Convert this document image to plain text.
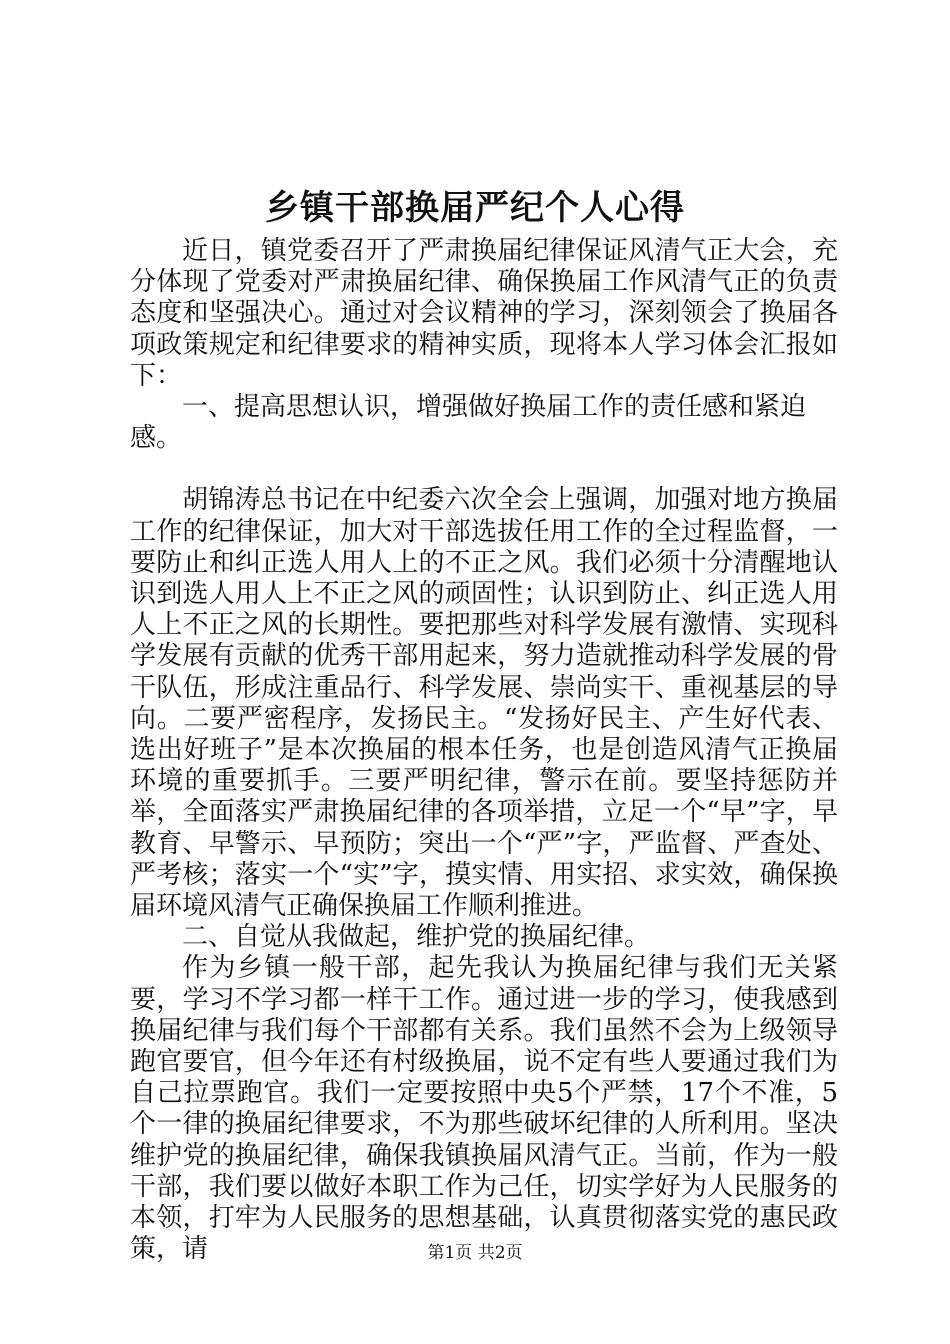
乡镇干部换届严纪个人心得

近日，镇党委召开了严肃换届纪律保证风清气正大会，充分体现了党委对严肃换届纪律、确保换届工作风清气正的负责态度和坚强决心。通过对会议精神的学习，深刻领会了换届各项政策规定和纪律要求的精神实质，现将本人学习体会汇报如下：

一、提高思想认识，增强做好换届工作的责任感和紧迫感。

胡锦涛总书记在中纪委六次全会上强调，加强对地方换届工作的纪律保证，加大对干部选拔任用工作的全过程监督，一要防止和纠正选人用人上的不正之风。我们必须十分清醒地认识到选人用人上不正之风的顽固性；认识到防止、纠正选人用人上不正之风的长期性。要把那些对科学发展有激情、实现科学发展有贡献的优秀干部用起来，努力造就推动科学发展的骨干队伍，形成注重品行、科学发展、崇尚实干、重视基层的导向。二要严密程序，发扬民主。“发扬好民主、产生好代表、选出好班子”是本次换届的根本任务，也是创造风清气正换届环境的重要抓手。三要严明纪律，警示在前。要坚持惩防并举，全面落实严肃换届纪律的各项举措，立足一个“早”字，早教育、早警示、早预防；突出一个“严”字，严监督、严查处、严考核；落实一个“实”字，摸实情、用实招、求实效，确保换届环境风清气正确保换届工作顺利推进。

二、自觉从我做起，维护党的换届纪律。

作为乡镇一般干部，起先我认为换届纪律与我们无关紧要，学习不学习都一样干工作。通过进一步的学习，使我感到换届纪律与我们每个干部都有关系。我们虽然不会为上级领导跑官要官，但今年还有村级换届，说不定有些人要通过我们为自己拉票跑官。我们一定要按照中央5个严禁，17个不准，5个一律的换届纪律要求，不为那些破坏纪律的人所利用。坚决维护党的换届纪律，确保我镇换届风清气正。当前，作为一般干部，我们要以做好本职工作为己任，切实学好为人民服务的本领，打牢为人民服务的思想基础，认真贯彻落实党的惠民政策，请	第1页 共2页
